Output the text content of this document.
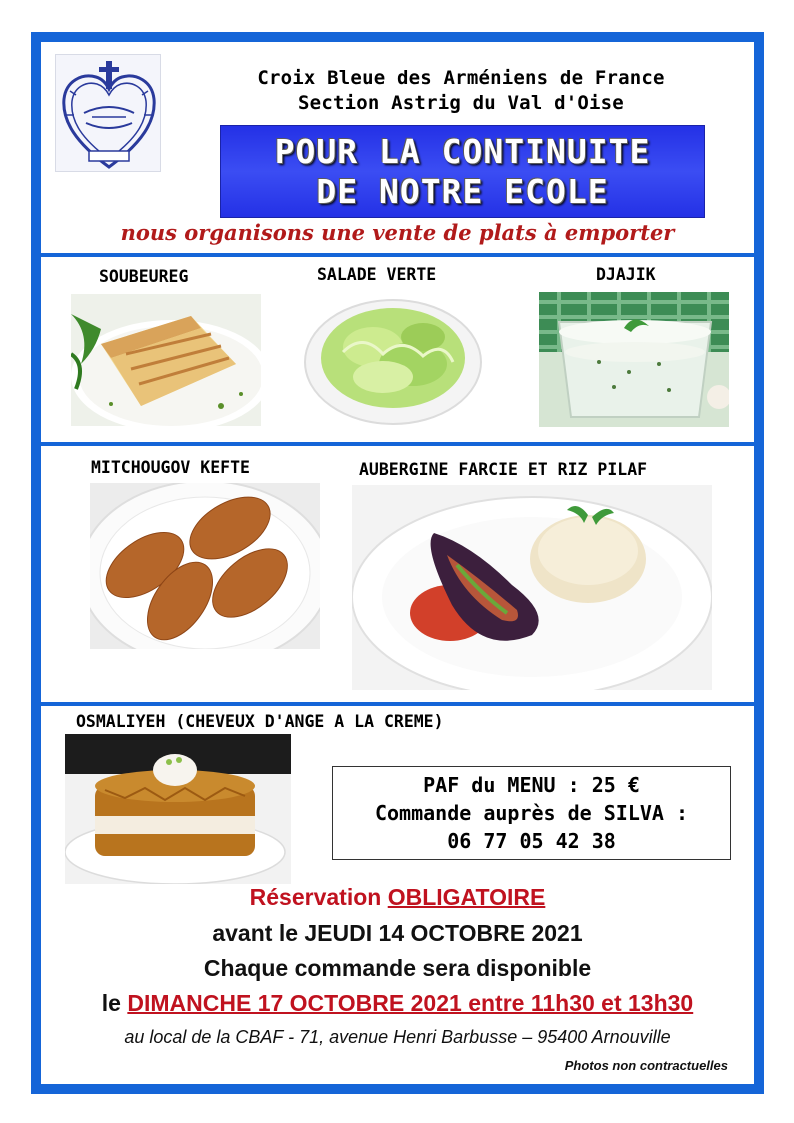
Croix Bleue des Arméniens de France
Section Astrig du Val d'Oise
POUR LA CONTINUITE
DE NOTRE ECOLE
nous organisons une vente de plats à emporter
SOUBEUREG	SALADE VERTE	DJAJIK
MITCHOUGOV KEFTE	AUBERGINE FARCIE ET RIZ PILAF
OSMALIYEH (CHEVEUX D'ANGE A LA CREME)
PAF du MENU : 25 €
Commande auprès de SILVA :
06 77 05 42 38
Réservation OBLIGATOIRE
avant le JEUDI 14 OCTOBRE 2021
Chaque commande sera disponible
le DIMANCHE 17 OCTOBRE 2021 entre 11h30 et 13h30
au local de la CBAF - 71, avenue Henri Barbusse – 95400 Arnouville
Photos non contractuelles
